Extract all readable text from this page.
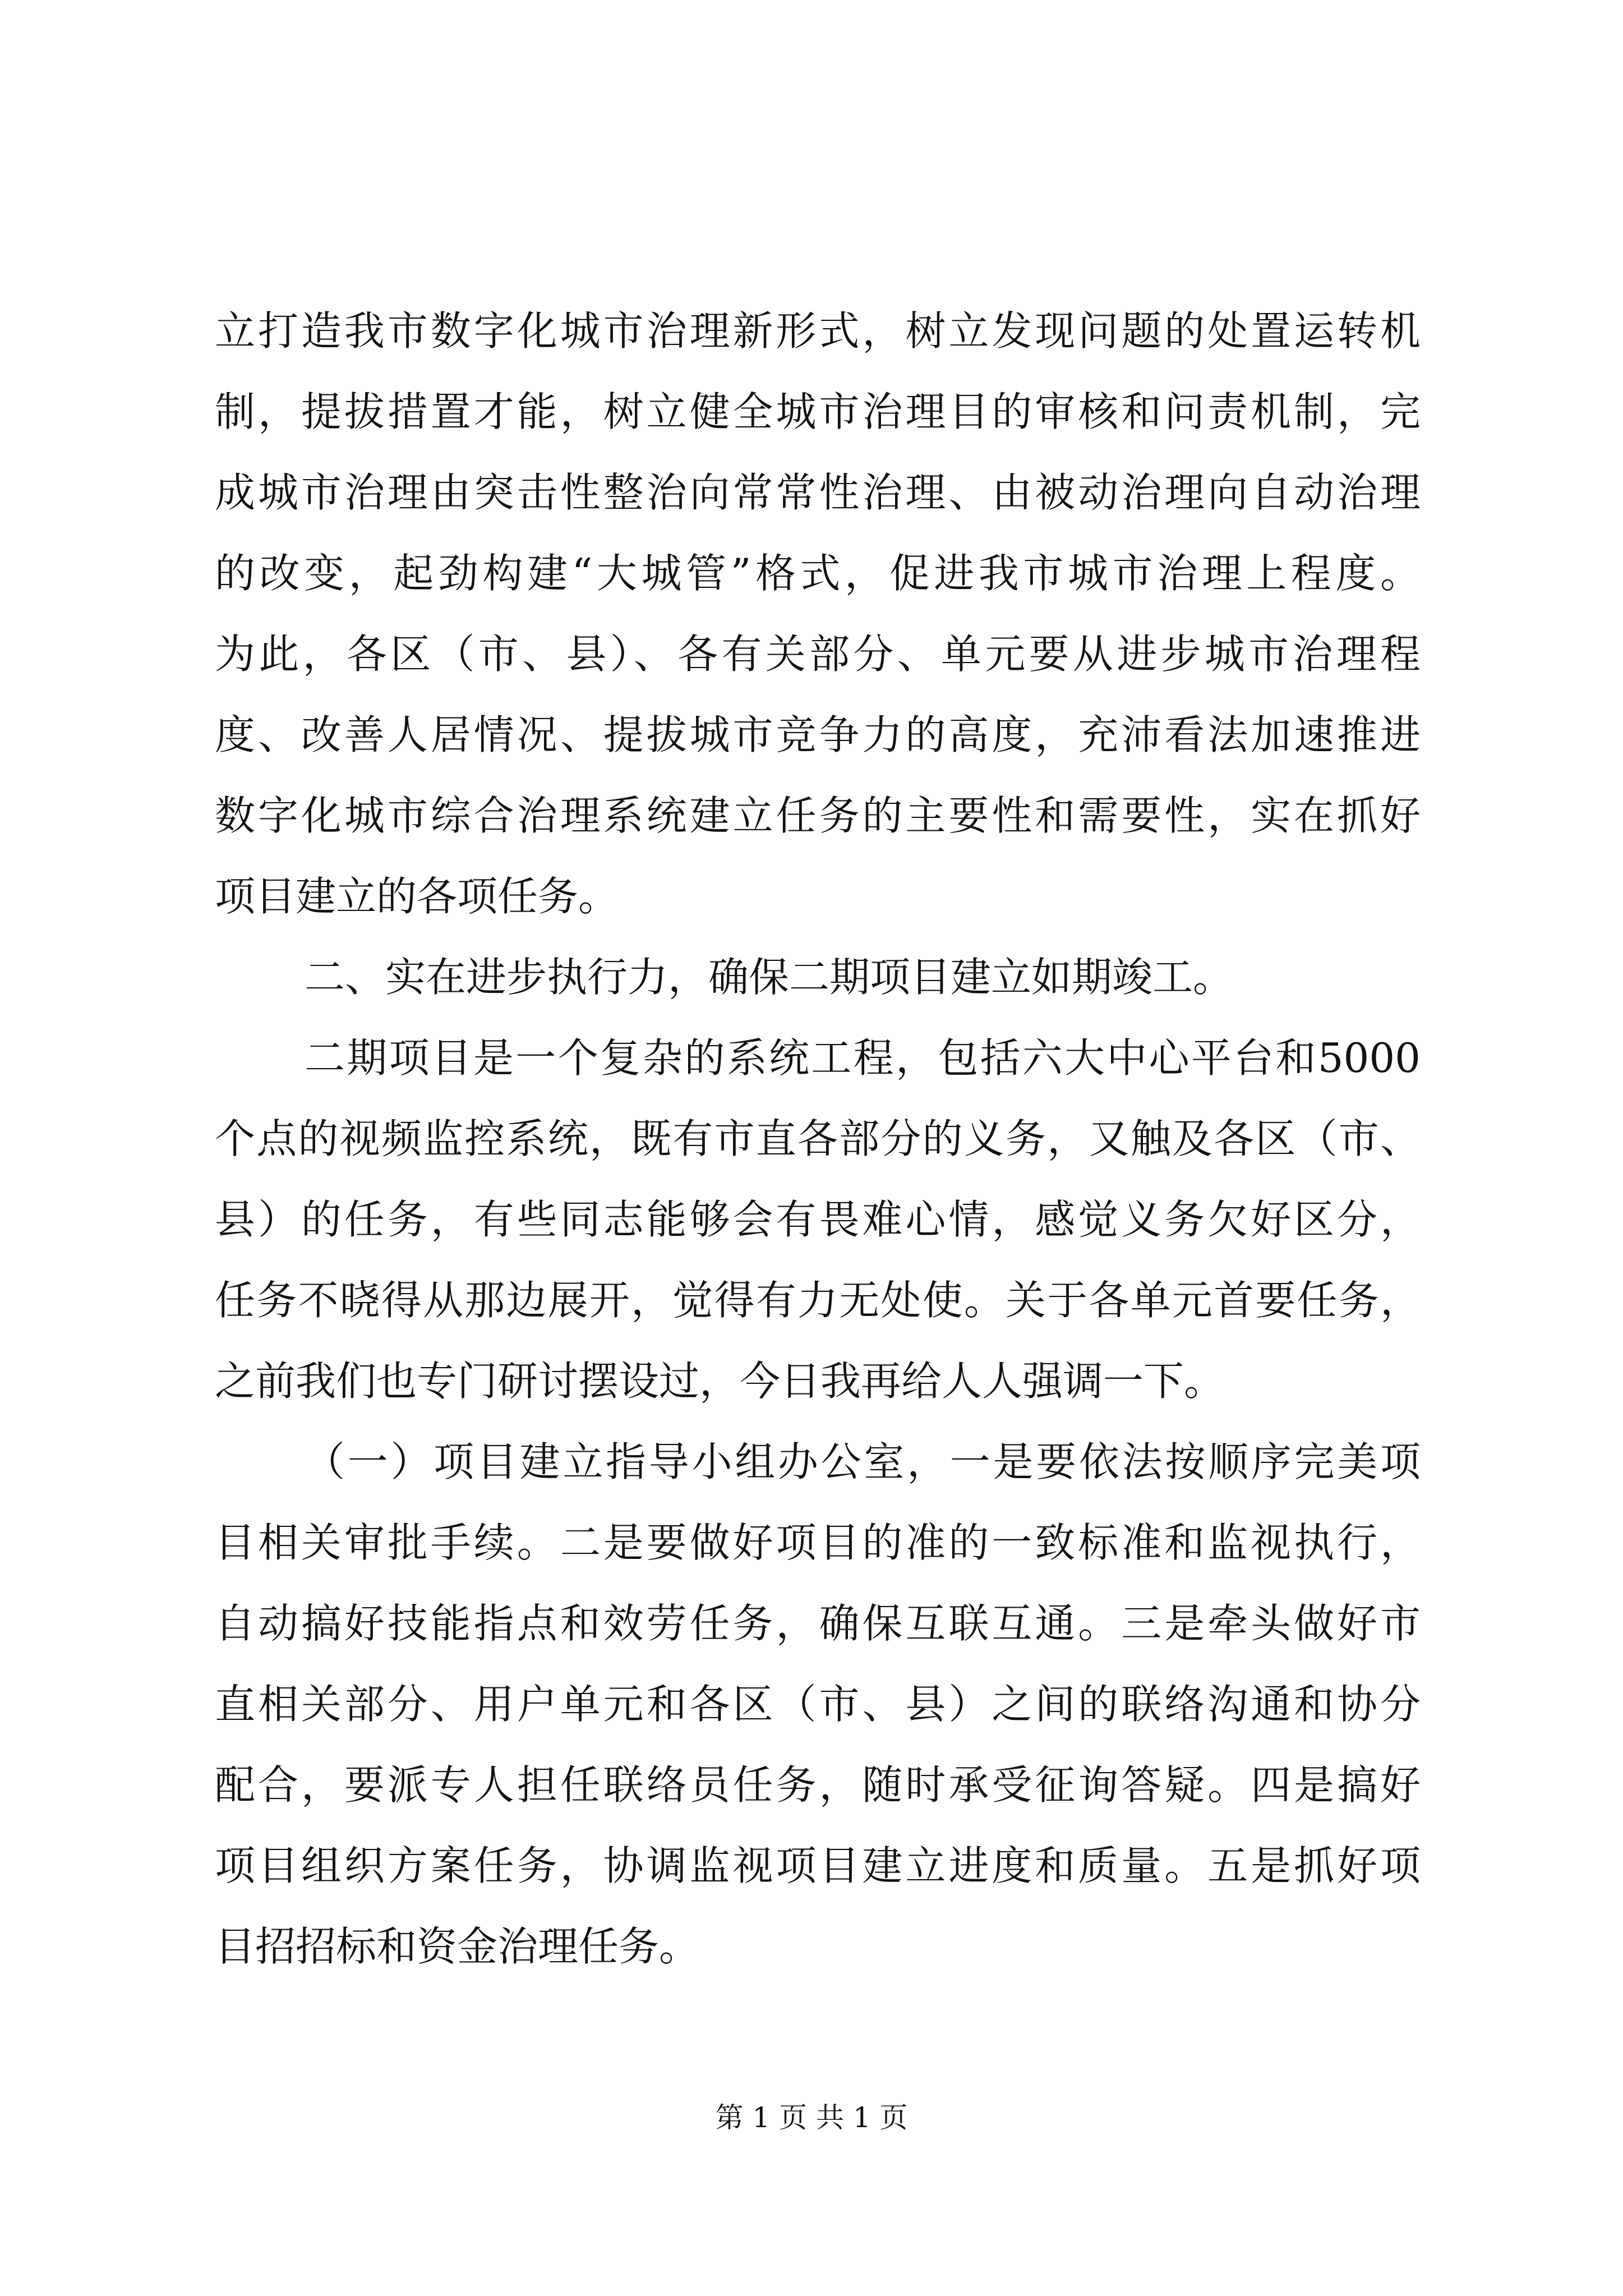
立打造我市数字化城市治理新形式，树立发现问题的处置运转机
制，提拔措置才能，树立健全城市治理目的审核和问责机制，完
成城市治理由突击性整治向常常性治理、由被动治理向自动治理
的改变，起劲构建“大城管”格式，促进我市城市治理上程度。
为此，各区（市、县）、各有关部分、单元要从进步城市治理程
度、改善人居情况、提拔城市竞争力的高度，充沛看法加速推进
数字化城市综合治理系统建立任务的主要性和需要性，实在抓好
项目建立的各项任务。
二、实在进步执行力，确保二期项目建立如期竣工。
二期项目是一个复杂的系统工程，包括六大中心平台和5000
个点的视频监控系统，既有市直各部分的义务，又触及各区（市、
县）的任务，有些同志能够会有畏难心情，感觉义务欠好区分，
任务不晓得从那边展开，觉得有力无处使。关于各单元首要任务，
之前我们也专门研讨摆设过，今日我再给人人强调一下。
（一）项目建立指导小组办公室，一是要依法按顺序完美项
目相关审批手续。二是要做好项目的准的一致标准和监视执行，
自动搞好技能指点和效劳任务，确保互联互通。三是牵头做好市
直相关部分、用户单元和各区（市、县）之间的联络沟通和协分
配合，要派专人担任联络员任务，随时承受征询答疑。四是搞好
项目组织方案任务，协调监视项目建立进度和质量。五是抓好项
目招招标和资金治理任务。
第 1 页 共 1 页
